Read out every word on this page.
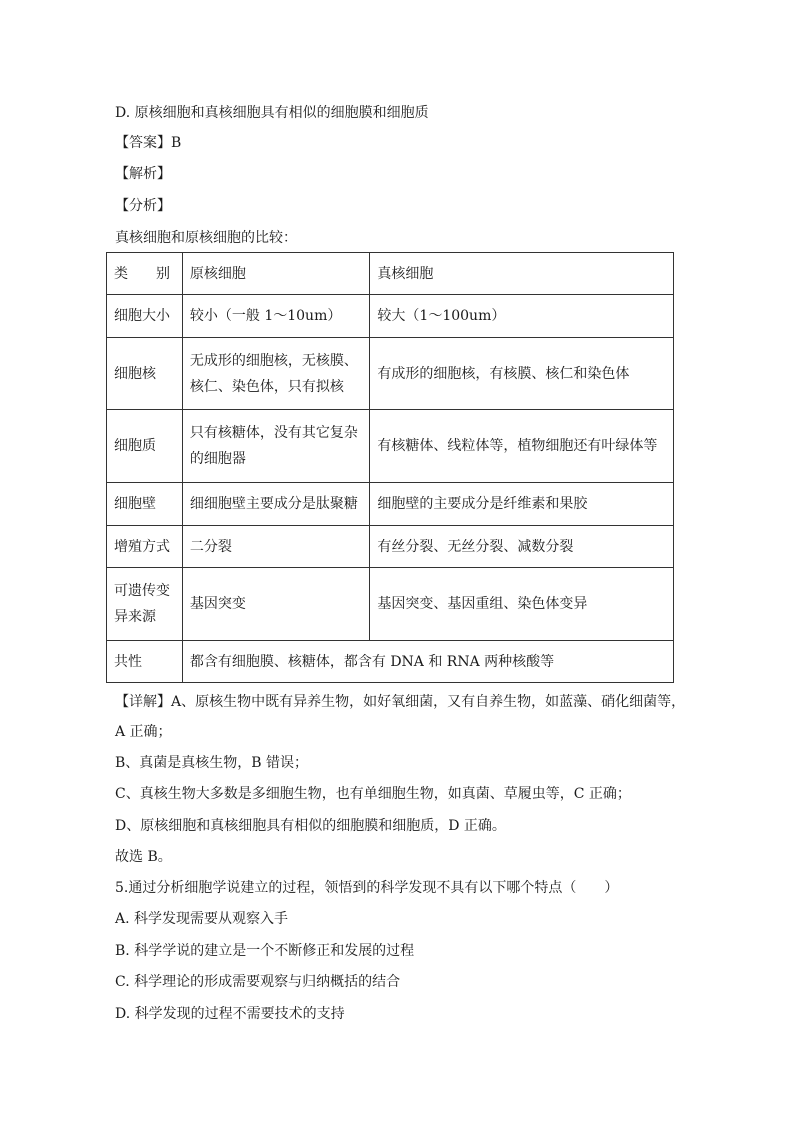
D. 原核细胞和真核细胞具有相似的细胞膜和细胞质
【答案】B
【解析】
【分析】
真核细胞和原核细胞的比较：
类　　别	原核细胞	真核细胞
细胞大小	较小（一般 1～10um）	较大（1～100um）
细胞核	无成形的细胞核，无核膜、核仁、染色体，只有拟核	有成形的细胞核，有核膜、核仁和染色体
细胞质	只有核糖体，没有其它复杂的细胞器	有核糖体、线粒体等，植物细胞还有叶绿体等
细胞壁	细细胞壁主要成分是肽聚糖	细胞壁的主要成分是纤维素和果胶
增殖方式	二分裂	有丝分裂、无丝分裂、减数分裂
可遗传变异来源	基因突变	基因突变、基因重组、染色体变异
共性	都含有细胞膜、核糖体，都含有 DNA 和 RNA 两种核酸等	
【详解】A、原核生物中既有异养生物，如好氧细菌，又有自养生物，如蓝藻、硝化细菌等，
A 正确；
B、真菌是真核生物，B 错误；
C、真核生物大多数是多细胞生物，也有单细胞生物，如真菌、草履虫等，C 正确；
D、原核细胞和真核细胞具有相似的细胞膜和细胞质，D 正确。
故选 B。
5.通过分析细胞学说建立的过程，领悟到的科学发现不具有以下哪个特点（　　）
A. 科学发现需要从观察入手
B. 科学学说的建立是一个不断修正和发展的过程
C. 科学理论的形成需要观察与归纳概括的结合
D. 科学发现的过程不需要技术的支持
